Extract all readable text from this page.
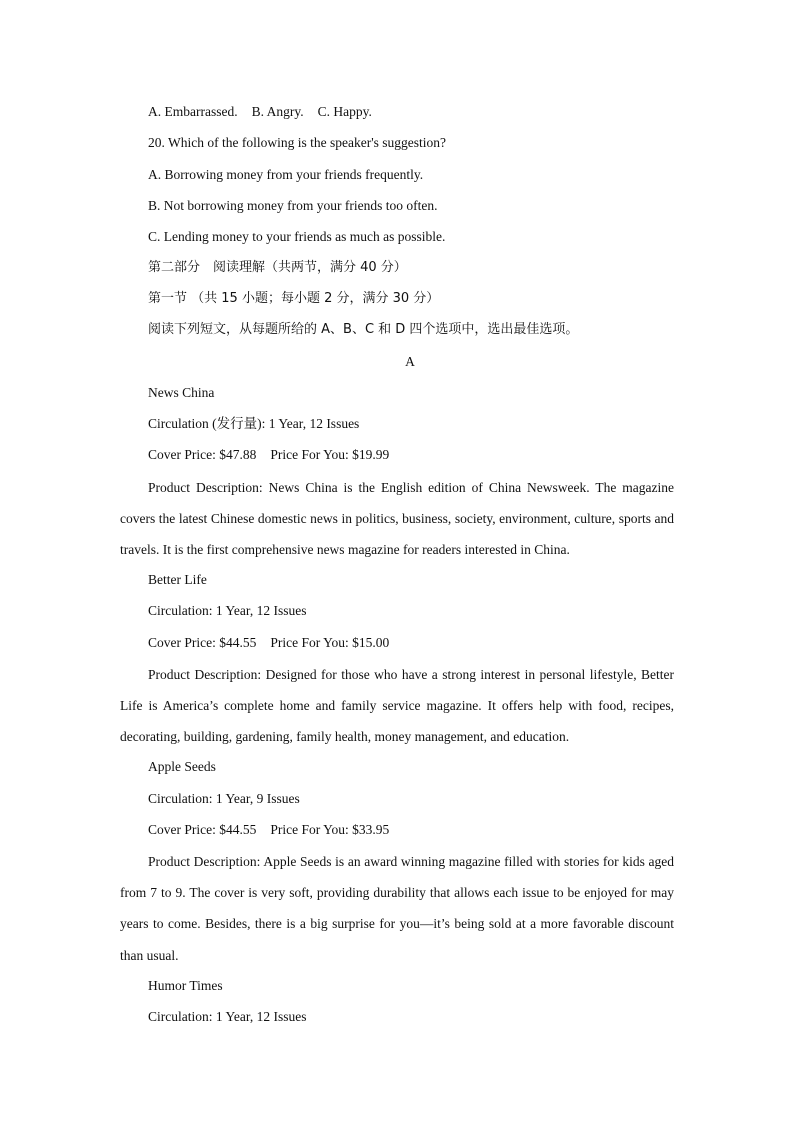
A. Embarrassed. B. Angry. C. Happy.
20. Which of the following is the speaker's suggestion?
A. Borrowing money from your friends frequently.
B. Not borrowing money from your friends too often.
C. Lending money to your friends as much as possible.
第二部分　阅读理解（共两节，满分 40 分）
第一节 （共 15 小题；每小题 2 分，满分 30 分）
阅读下列短文，从每题所给的 A、B、C 和 D 四个选项中，选出最佳选项。
A
News China
Circulation (发行量): 1 Year, 12 Issues
Cover Price: $47.88 Price For You: $19.99

Product Description: News China is the English edition of China Newsweek. The magazine covers the latest Chinese domestic news in politics, business, society, environment, culture, sports and travels. It is the first comprehensive news magazine for readers interested in China.

Better Life
Circulation: 1 Year, 12 Issues
Cover Price: $44.55 Price For You: $15.00

Product Description: Designed for those who have a strong interest in personal lifestyle, Better Life is America’s complete home and family service magazine. It offers help with food, recipes, decorating, building, gardening, family health, money management, and education.

Apple Seeds
Circulation: 1 Year, 9 Issues
Cover Price: $44.55 Price For You: $33.95

Product Description: Apple Seeds is an award winning magazine filled with stories for kids aged from 7 to 9. The cover is very soft, providing durability that allows each issue to be enjoyed for may years to come. Besides, there is a big surprise for you—it’s being sold at a more favorable discount than usual.

Humor Times
Circulation: 1 Year, 12 Issues
